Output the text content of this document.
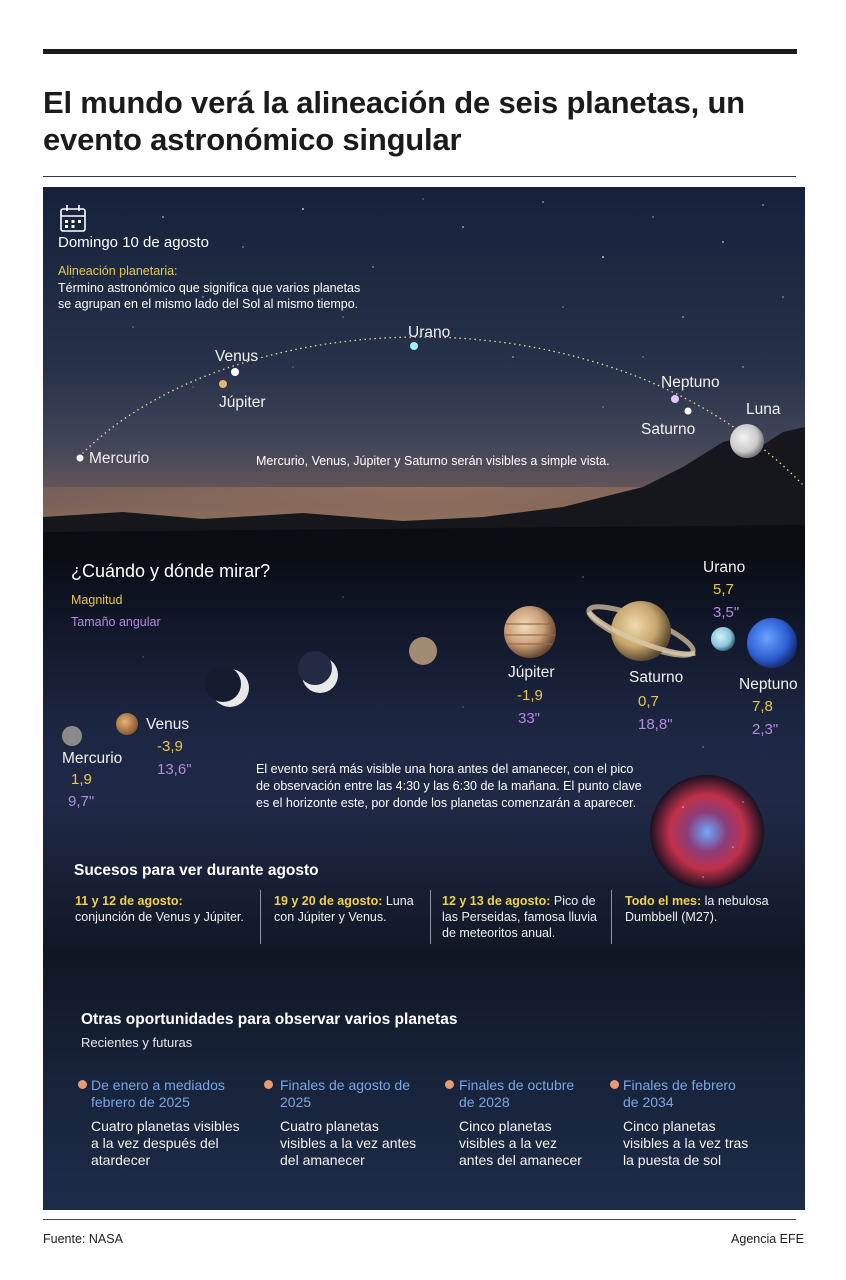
El mundo verá la alineación de seis planetas, un evento astronómico singular
Domingo 10 de agosto
Alineación planetaria:
Término astronómico que significa que varios planetas
se agrupan en el mismo lado del Sol al mismo tiempo.
Mercurio
Venus
Júpiter
Urano
Neptuno
Saturno
Luna
Mercurio, Venus, Júpiter y Saturno serán visibles a simple vista.
¿Cuándo y dónde mirar?
Magnitud
Tamaño angular
Mercurio
1,9
9,7"
Venus
-3,9
13,6"
Júpiter
-1,9
33"
Saturno
0,7
18,8"
Urano
5,7
3,5"
Neptuno
7,8
2,3"
El evento será más visible una hora antes del amanecer, con el pico
de observación entre las 4:30 y las 6:30 de la mañana. El punto clave
es el horizonte este, por donde los planetas comenzarán a aparecer.
Sucesos para ver durante agosto
11 y 12 de agosto:
conjunción de Venus y Júpiter.
19 y 20 de agosto: Luna
con Júpiter y Venus.
12 y 13 de agosto: Pico de
las Perseidas, famosa lluvia
de meteoritos anual.
Todo el mes: la nebulosa
Dumbbell (M27).
Otras oportunidades para observar varios planetas
Recientes y futuras
De enero a mediados
febrero de 2025
Cuatro planetas visibles
a la vez después del
atardecer
Finales de agosto de
2025
Cuatro planetas
visibles a la vez antes
del amanecer
Finales de octubre
de 2028
Cinco planetas
visibles a la vez
antes del amanecer
Finales de febrero
de 2034
Cinco planetas
visibles a la vez tras
la puesta de sol
Fuente: NASA	Agencia EFE
